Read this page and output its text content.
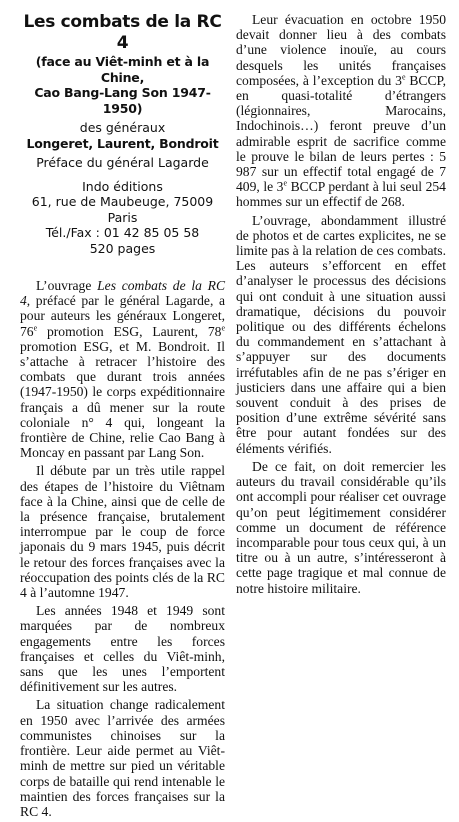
Les combats de la RC 4
(face au Viêt-minh et à la Chine,
Cao Bang-Lang Son 1947-1950)
des généraux
Longeret, Laurent, Bondroit
Préface du général Lagarde
Indo éditions
61, rue de Maubeuge, 75009 Paris
Tél./Fax : 01 42 85 05 58
520 pages

L’ouvrage Les combats de la RC 4, préfacé par le général Lagarde, a pour auteurs les généraux Longeret, 76e promotion ESG, Laurent, 78e promotion ESG, et M. Bondroit. Il s’attache à retracer l’histoire des combats que durant trois années (1947-1950) le corps expéditionnaire français a dû mener sur la route coloniale n° 4 qui, longeant la frontière de Chine, relie Cao Bang à Moncay en passant par Lang Son.

Il débute par un très utile rappel des étapes de l’histoire du Viêtnam face à la Chine, ainsi que de celle de la présence française, brutalement interrompue par le coup de force japonais du 9 mars 1945, puis décrit le retour des forces françaises avec la réoccupation des points clés de la RC 4 à l’automne 1947.

Les années 1948 et 1949 sont marquées par de nombreux engagements entre les forces françaises et celles du Viêt-minh, sans que les unes l’emportent définitivement sur les autres.

La situation change radicalement en 1950 avec l’arrivée des armées communistes chinoises sur la frontière. Leur aide permet au Viêt-minh de mettre sur pied un véritable corps de bataille qui rend intenable le maintien des forces françaises sur la RC 4.

Leur évacuation en octobre 1950 devait donner lieu à des combats d’une violence inouïe, au cours desquels les unités françaises composées, à l’exception du 3e BCCP, en quasi-totalité d’étrangers (légionnaires, Marocains, Indochinois…) feront preuve d’un admirable esprit de sacrifice comme le prouve le bilan de leurs pertes : 5 987 sur un effectif total engagé de 7 409, le 3e BCCP perdant à lui seul 254 hommes sur un effectif de 268.

L’ouvrage, abondamment illustré de photos et de cartes explicites, ne se limite pas à la relation de ces combats. Les auteurs s’efforcent en effet d’analyser le processus des décisions qui ont conduit à une situation aussi dramatique, décisions du pouvoir politique ou des différents échelons du commandement en s’attachant à s’appuyer sur des documents irréfutables afin de ne pas s’ériger en justiciers dans une affaire qui a bien souvent conduit à des prises de position d’une extrême sévérité sans être pour autant fondées sur des éléments vérifiés.

De ce fait, on doit remercier les auteurs du travail considérable qu’ils ont accompli pour réaliser cet ouvrage qu’on peut légitimement considérer comme un document de référence incomparable pour tous ceux qui, à un titre ou à un autre, s’intéresseront à cette page tragique et mal connue de notre histoire militaire.
